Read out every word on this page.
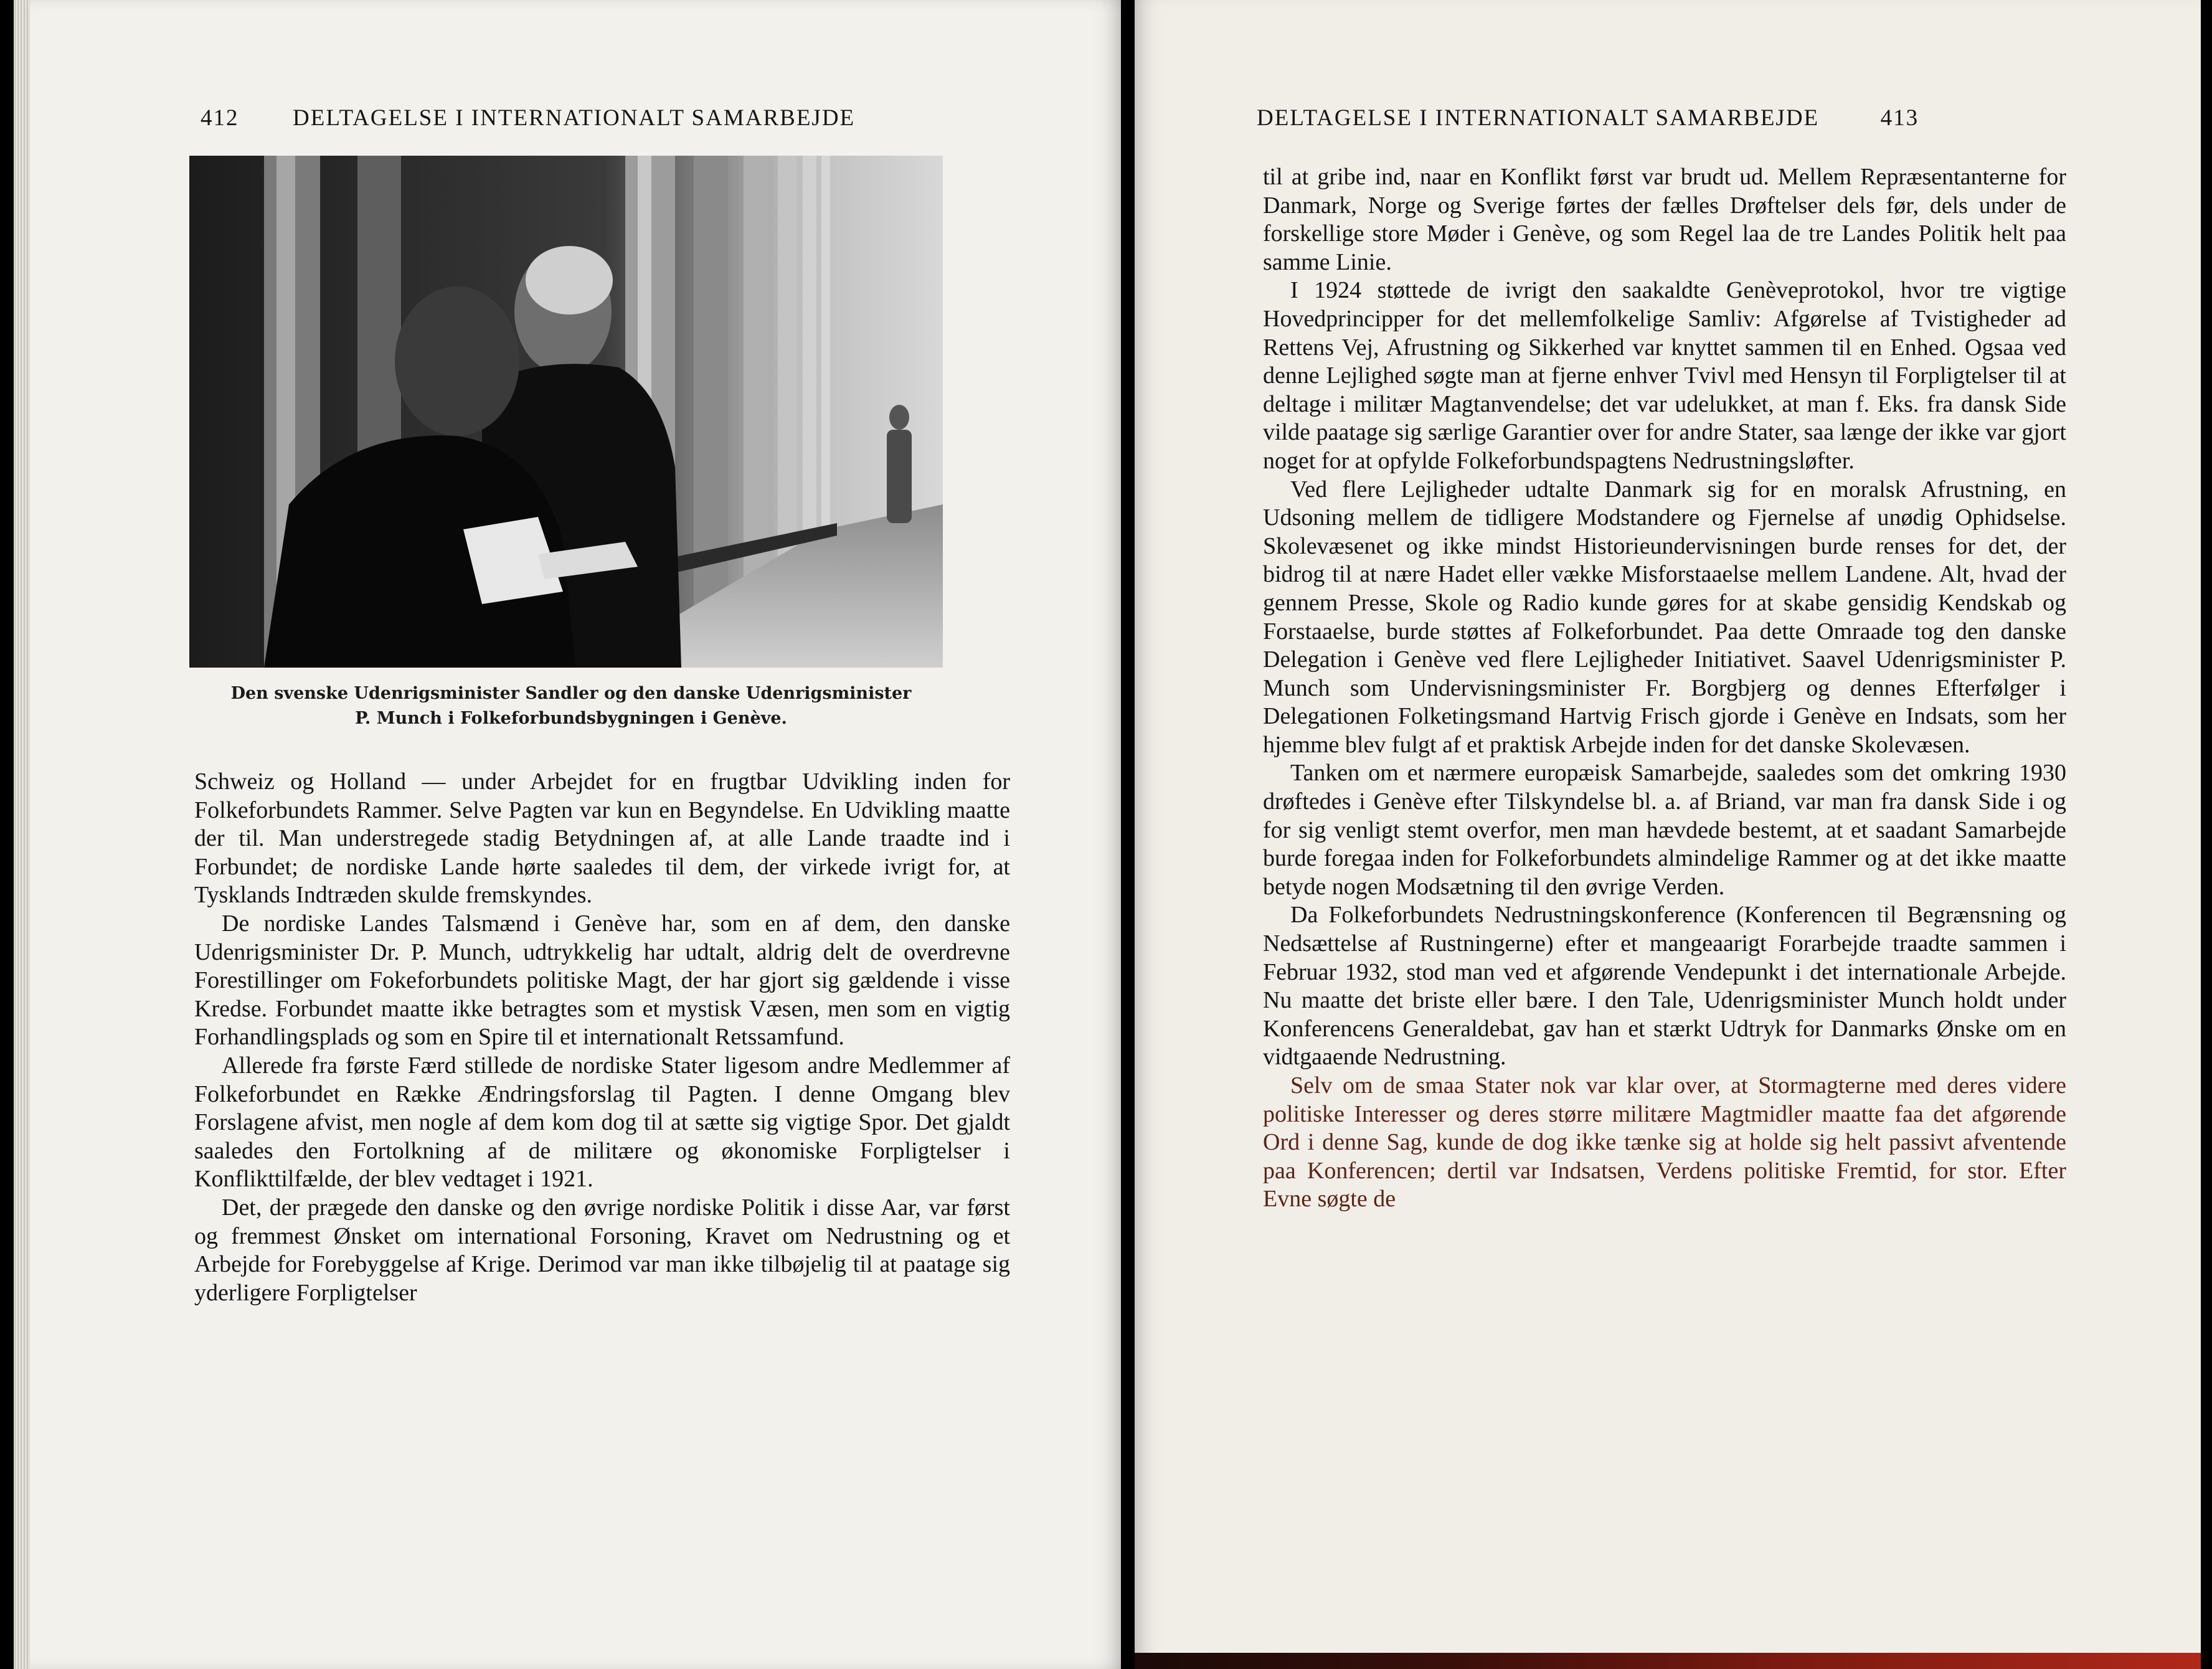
412 DELTAGELSE I INTERNATIONALT SAMARBEJDE
Den svenske Udenrigsminister Sandler og den danske Udenrigsminister
P. Munch i Folkeforbundsbygningen i Genève.

Schweiz og Holland — under Arbejdet for en frugtbar Udvikling inden for Folkeforbundets Rammer. Selve Pagten var kun en Begyndelse. En Udvikling maatte der til. Man understregede stadig Betydningen af, at alle Lande traadte ind i Forbundet; de nordiske Lande hørte saaledes til dem, der virkede ivrigt for, at Tysklands Indtræden skulde fremskyndes.

De nordiske Landes Talsmænd i Genève har, som en af dem, den danske Udenrigsminister Dr. P. Munch, udtrykkelig har udtalt, aldrig delt de overdrevne Forestillinger om Fokeforbundets politiske Magt, der har gjort sig gældende i visse Kredse. Forbundet maatte ikke betragtes som et mystisk Væsen, men som en vigtig Forhandlingsplads og som en Spire til et internationalt Retssamfund.

Allerede fra første Færd stillede de nordiske Stater ligesom andre Medlemmer af Folkeforbundet en Række Ændringsforslag til Pagten. I denne Omgang blev Forslagene afvist, men nogle af dem kom dog til at sætte sig vigtige Spor. Det gjaldt saaledes den Fortolkning af de militære og økonomiske Forpligtelser i Konflikttilfælde, der blev vedtaget i 1921.

Det, der prægede den danske og den øvrige nordiske Politik i disse Aar, var først og fremmest Ønsket om international Forsoning, Kravet om Nedrustning og et Arbejde for Forebyggelse af Krige. Derimod var man ikke tilbøjelig til at paatage sig yderligere Forpligtelser

DELTAGELSE I INTERNATIONALT SAMARBEJDE	413

til at gribe ind, naar en Konflikt først var brudt ud. Mellem Repræsentanterne for Danmark, Norge og Sverige førtes der fælles Drøftelser dels før, dels under de forskellige store Møder i Genève, og som Regel laa de tre Landes Politik helt paa samme Linie.

I 1924 støttede de ivrigt den saakaldte Genèveprotokol, hvor tre vigtige Hovedprincipper for det mellemfolkelige Samliv: Afgørelse af Tvistigheder ad Rettens Vej, Afrustning og Sikkerhed var knyttet sammen til en Enhed. Ogsaa ved denne Lejlighed søgte man at fjerne enhver Tvivl med Hensyn til Forpligtelser til at deltage i militær Magtanvendelse; det var udelukket, at man f. Eks. fra dansk Side vilde paatage sig særlige Garantier over for andre Stater, saa længe der ikke var gjort noget for at opfylde Folkeforbundspagtens Nedrustningsløfter.

Ved flere Lejligheder udtalte Danmark sig for en moralsk Afrustning, en Udsoning mellem de tidligere Modstandere og Fjernelse af unødig Ophidselse. Skolevæsenet og ikke mindst Historieundervisningen burde renses for det, der bidrog til at nære Hadet eller vække Misforstaaelse mellem Landene. Alt, hvad der gennem Presse, Skole og Radio kunde gøres for at skabe gensidig Kendskab og Forstaaelse, burde støttes af Folkeforbundet. Paa dette Omraade tog den danske Delegation i Genève ved flere Lejligheder Initiativet. Saavel Udenrigsminister P. Munch som Undervisningsminister Fr. Borgbjerg og dennes Efterfølger i Delegationen Folketingsmand Hartvig Frisch gjorde i Genève en Indsats, som her hjemme blev fulgt af et praktisk Arbejde inden for det danske Skolevæsen.

Tanken om et nærmere europæisk Samarbejde, saaledes som det omkring 1930 drøftedes i Genève efter Tilskyndelse bl. a. af Briand, var man fra dansk Side i og for sig venligt stemt overfor, men man hævdede bestemt, at et saadant Samarbejde burde foregaa inden for Folkeforbundets almindelige Rammer og at det ikke maatte betyde nogen Modsætning til den øvrige Verden.

Da Folkeforbundets Nedrustningskonference (Konferencen til Begrænsning og Nedsættelse af Rustningerne) efter et mangeaarigt Forarbejde traadte sammen i Februar 1932, stod man ved et afgørende Vendepunkt i det internationale Arbejde. Nu maatte det briste eller bære. I den Tale, Udenrigsminister Munch holdt under Konferencens Generaldebat, gav han et stærkt Udtryk for Danmarks Ønske om en vidtgaaende Nedrustning.

Selv om de smaa Stater nok var klar over, at Stormagterne med deres videre politiske Interesser og deres større militære Magtmidler maatte faa det afgørende Ord i denne Sag, kunde de dog ikke tænke sig at holde sig helt passivt afventende paa Konferencen; dertil var Indsatsen, Verdens politiske Fremtid, for stor. Efter Evne søgte de
